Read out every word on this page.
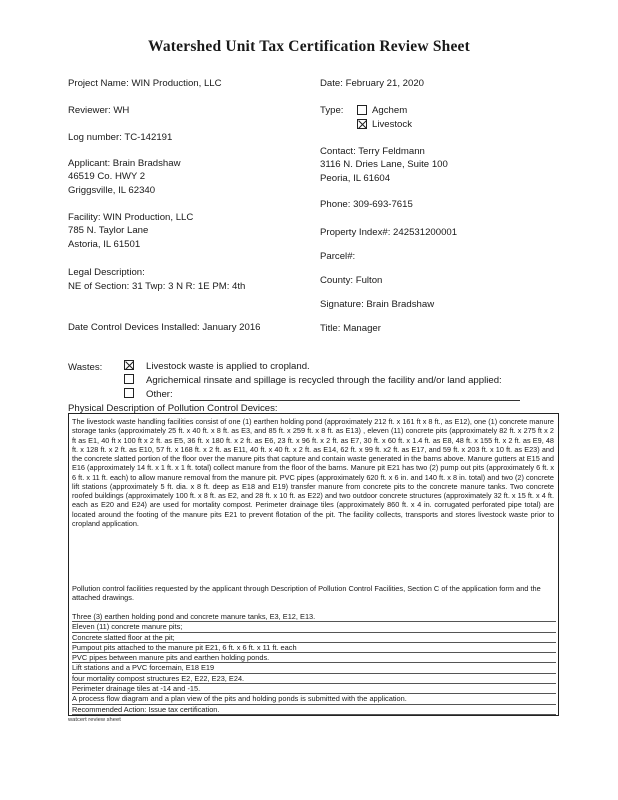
Watershed Unit Tax Certification Review Sheet
Project Name: WIN Production, LLC
Reviewer: WH
Log number: TC-142191
Applicant: Brain Bradshaw
46519 Co. HWY 2
Griggsville, IL 62340
Facility: WIN Production, LLC
785 N. Taylor Lane
Astoria, IL 61501
Legal Description:
NE of Section: 31 Twp: 3 N R: 1E PM: 4th
Date Control Devices Installed: January 2016
Date: February 21, 2020
Type:	Agchem
Livestock
Contact: Terry Feldmann
3116 N. Dries Lane, Suite 100
Peoria, IL 61604
Phone: 309-693-7615
Property Index#: 242531200001
Parcel#:
County: Fulton
Signature: Brain Bradshaw
Title: Manager
Wastes:	Livestock waste is applied to cropland.
Agrichemical rinsate and spillage is recycled through the facility and/or land applied:
Other:
Physical Description of Pollution Control Devices:
The livestock waste handling facilities consist of one (1) earthen holding pond (approximately 212 ft. x 161 ft x 8 ft., as E12), one (1) concrete manure storage tanks (approximately 25 ft. x 40 ft. x 8 ft. as E3, and 85 ft. x 259 ft. x 8 ft. as E13) , eleven (11) concrete pits (approximately 82 ft. x 275 ft x 2 ft as E1, 40 ft x 100 ft x 2 ft. as E5, 36 ft. x 180 ft. x 2 ft. as E6, 23 ft. x 96 ft. x 2 ft. as E7, 30 ft. x 60 ft. x 1.4 ft. as E8, 48 ft. x 155 ft. x 2 ft. as E9, 48 ft. x 128 ft. x 2 ft. as E10, 57 ft. x 168 ft. x 2 ft. as E11, 40 ft. x 40 ft. x 2 ft. as E14, 62 ft. x 99 ft. x2 ft. as E17, and 59 ft. x 203 ft. x 10 ft. as E23) and the concrete slatted portion of the floor over the manure pits that capture and contain waste generated in the barns above. Manure gutters at E15 and E16 (approximately 14 ft. x 1 ft. x 1 ft. total) collect manure from the floor of the barns. Manure pit E21 has two (2) pump out pits (approximately 6 ft. x 6 ft. x 11 ft. each) to allow manure removal from the manure pit. PVC pipes (approximately 620 ft. x 6 in. and 140 ft. x 8 in. total) and two (2) concrete lift stations (approximately 5 ft. dia. x 8 ft. deep as E18 and E19) transfer manure from concrete pits to the concrete manure tanks. Two concrete roofed buildings (approximately 100 ft. x 8 ft. as E2, and 28 ft. x 10 ft. as E22) and two outdoor concrete structures (approximately 32 ft. x 15 ft. x 4 ft. each as E20 and E24) are used for mortality compost. Perimeter drainage tiles (approximately 860 ft. x 4 in. corrugated perforated pipe total) are located around the footing of the manure pits E21 to prevent flotation of the pit. The facility collects, transports and stores livestock waste prior to cropland application.
Pollution control facilities requested by the applicant through Description of Pollution Control Facilities, Section C of the application form and the attached drawings.
Three (3) earthen holding pond and concrete manure tanks, E3, E12, E13.
Eleven (11) concrete manure pits;
Concrete slatted floor at the pit;
Pumpout pits attached to the manure pit E21, 6 ft. x 6 ft. x 11 ft. each
PVC pipes between manure pits and earthen holding ponds.
Lift stations and a PVC forcemain, E18 E19
four mortality compost structures E2, E22, E23, E24.
Perimeter drainage tiles at -14 and -15.
A process flow diagram and a plan view of the pits and holding ponds is submitted with the application.
Recommended Action: Issue tax certification.
watcert review sheet
